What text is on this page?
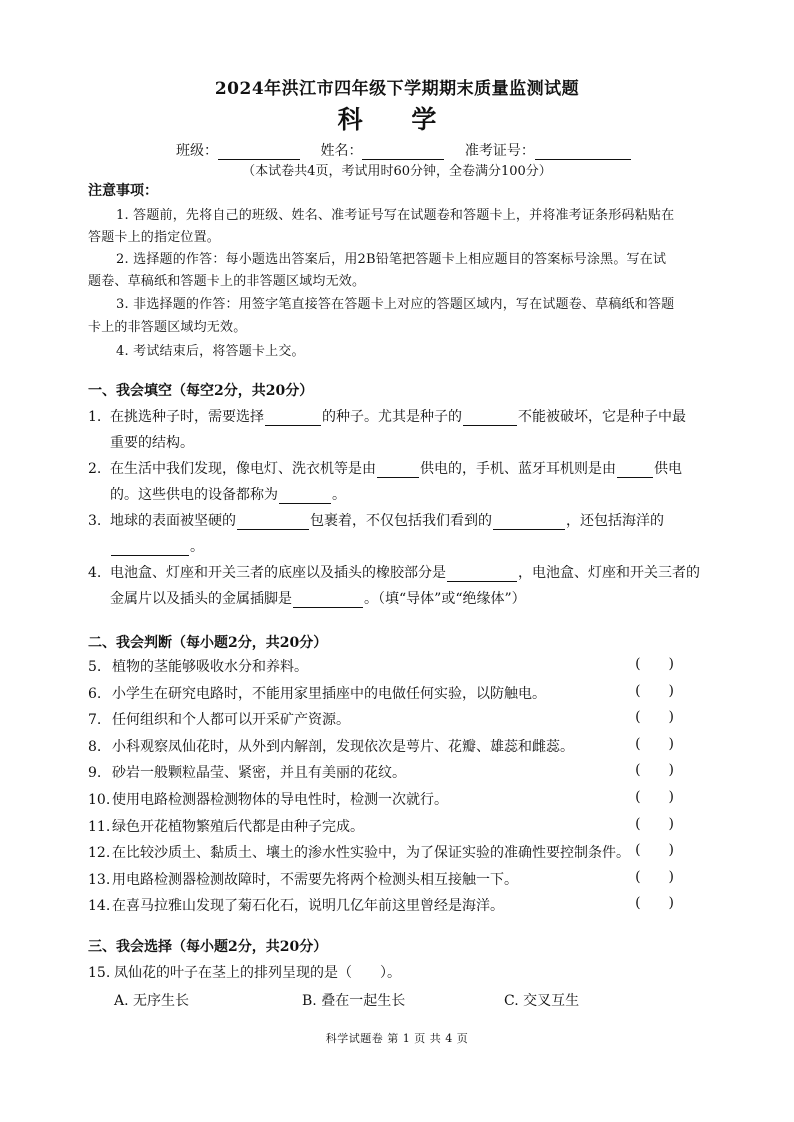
2024年洪江市四年级下学期期末质量监测试题
科 学
班级：	姓名：	准考证号：
（本试卷共4页，考试用时60分钟，全卷满分100分）
注意事项：
1. 答题前，先将自己的班级、姓名、准考证号写在试题卷和答题卡上，并将准考证条形码粘贴在
答题卡上的指定位置。
2. 选择题的作答：每小题选出答案后，用2B铅笔把答题卡上相应题目的答案标号涂黑。写在试
题卷、草稿纸和答题卡上的非答题区域均无效。
3. 非选择题的作答：用签字笔直接答在答题卡上对应的答题区域内，写在试题卷、草稿纸和答题
卡上的非答题区域均无效。
4. 考试结束后，将答题卡上交。
一、我会填空（每空2分，共20分）
1. 在挑选种子时，需要选择	的种子。尤其是种子的	不能被破坏，它是种子中最
重要的结构。
2. 在生活中我们发现，像电灯、洗衣机等是由	供电的，手机、蓝牙耳机则是由	供电
的。这些供电的设备都称为	。
3. 地球的表面被坚硬的	包裹着，不仅包括我们看到的	，还包括海洋的
。
4. 电池盒、灯座和开关三者的底座以及插头的橡胶部分是	，电池盒、灯座和开关三者的
金属片以及插头的金属插脚是	。（填“导体”或“绝缘体”）
二、我会判断（每小题2分，共20分）
5. 植物的茎能够吸收水分和养料。	()
6. 小学生在研究电路时，不能用家里插座中的电做任何实验，以防触电。	()
7. 任何组织和个人都可以开采矿产资源。	()
8. 小科观察凤仙花时，从外到内解剖，发现依次是萼片、花瓣、雄蕊和雌蕊。	()
9. 砂岩一般颗粒晶莹、紧密，并且有美丽的花纹。	()
10. 使用电路检测器检测物体的导电性时，检测一次就行。	()
11. 绿色开花植物繁殖后代都是由种子完成。	()
12. 在比较沙质土、黏质土、壤土的渗水性实验中，为了保证实验的准确性要控制条件。 ()
13. 用电路检测器检测故障时，不需要先将两个检测头相互接触一下。	()
14. 在喜马拉雅山发现了菊石化石，说明几亿年前这里曾经是海洋。	()
三、我会选择（每小题2分，共20分）
15. 凤仙花的叶子在茎上的排列呈现的是（　　）。
A. 无序生长	B. 叠在一起生长	C. 交叉互生
科学试题卷 第 1 页 共 4 页
